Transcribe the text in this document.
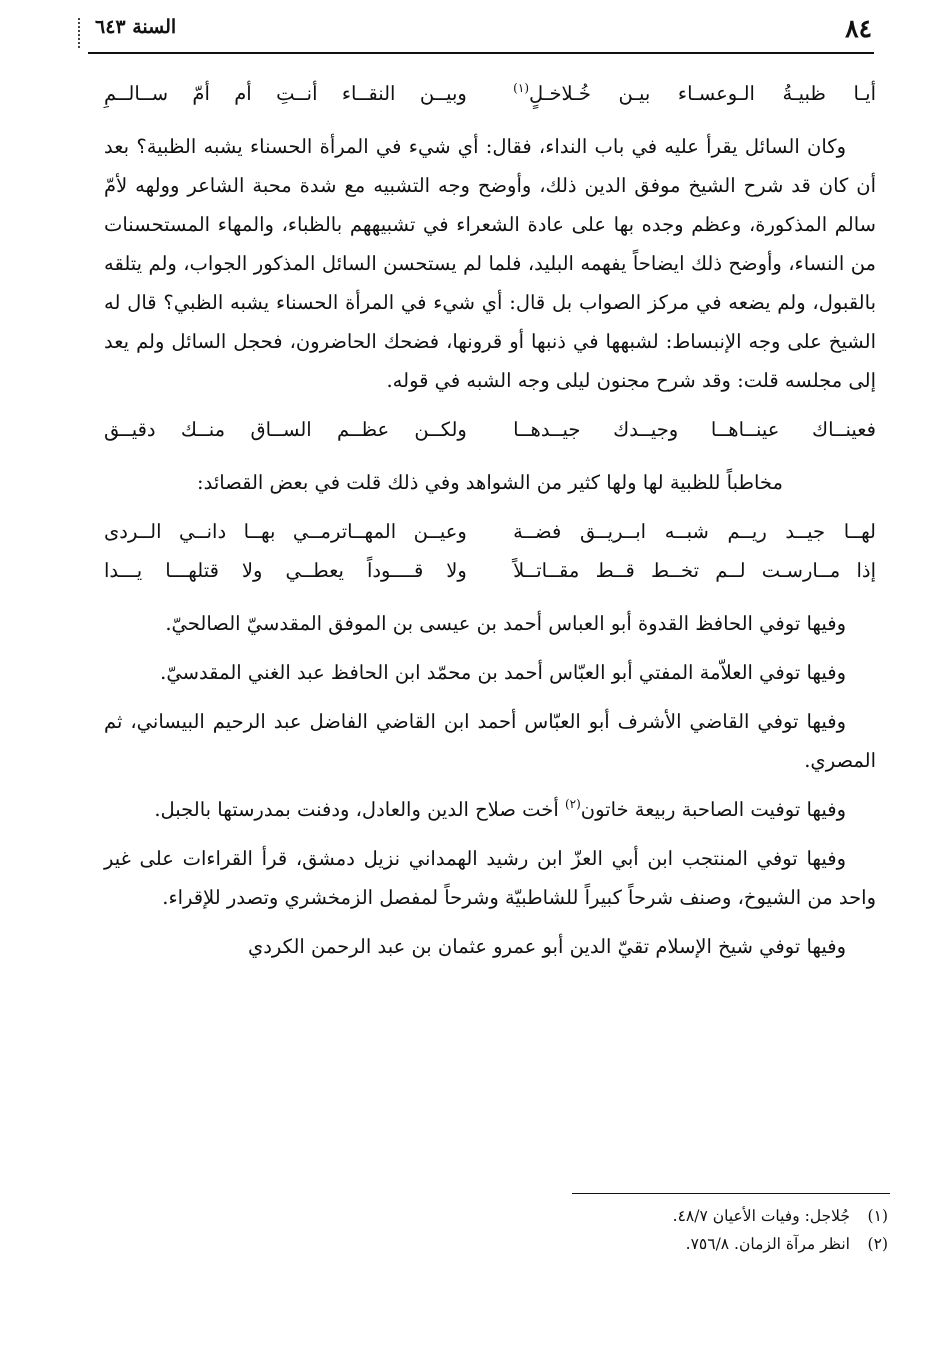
٨٤
السنة ٦٤٣
أيـا ظبيـةُ الـوعسـاء بيـن خُـلاخـلٍ$^{(١)}$
وبيــن النقــاء أنــتِ أم أمّ ســالــمِ

وكان السائل يقرأ عليه في باب النداء، فقال: أي شيء في المرأة الحسناء يشبه الظبية؟ بعد أن كان قد شرح الشيخ موفق الدين ذلك، وأوضح وجه التشبيه مع شدة محبة الشاعر وولهه لأمّ سالم المذكورة، وعظم وجده بها على عادة الشعراء في تشبيههم بالظباء، والمهاء المستحسنات من النساء، وأوضح ذلك ايضاحاً يفهمه البليد، فلما لم يستحسن السائل المذكور الجواب، ولم يتلقه بالقبول، ولم يضعه في مركز الصواب بل قال: أي شيء في المرأة الحسناء يشبه الظبي؟ قال له الشيخ على وجه الإنبساط: لشبهها في ذنبها أو قرونها، فضحك الحاضرون، فحجل السائل ولم يعد إلى مجلسه قلت: وقد شرح مجنون ليلى وجه الشبه في قوله.

فعينــاك عينــاهــا وجيــدك جيــدهــا
ولكــن عظــم الســاق منــك دقيــق
مخاطباً للظبية لها ولها كثير من الشواهد وفي ذلك قلت في بعض القصائد:
لهــا جيــد ريــم شبــه ابــريــق فضــة
وعيــن المهــاترمــي بهــا دانــي الــردى
إذا مــارسـت لــم تخــط قــط مقــاتــلاً
ولا قــــوداً يعطــي ولا قتلهـــا يـــدا

وفيها توفي الحافظ القدوة أبو العباس أحمد بن عيسى بن الموفق المقدسيّ الصالحيّ.

وفيها توفي العلاّمة المفتي أبو العبّاس أحمد بن محمّد ابن الحافظ عبد الغني المقدسيّ.

وفيها توفي القاضي الأشرف أبو العبّاس أحمد ابن القاضي الفاضل عبد الرحيم البيساني، ثم المصري.

وفيها توفيت الصاحبة ربيعة خاتون$^{(٢)}$ أخت صلاح الدين والعادل، ودفنت بمدرستها بالجبل.

وفيها توفي المنتجب ابن أبي العزّ ابن رشيد الهمداني نزيل دمشق، قرأ القراءات على غير واحد من الشيوخ، وصنف شرحاً كبيراً للشاطبيّة وشرحاً لمفصل الزمخشري وتصدر للإقراء.

وفيها توفي شيخ الإسلام تقيّ الدين أبو عمرو عثمان بن عبد الرحمن الكردي

(١)
جُلاجل: وفيات الأعيان ٤٨/٧.
(٢)
انظر مرآة الزمان. ٧٥٦/٨.
